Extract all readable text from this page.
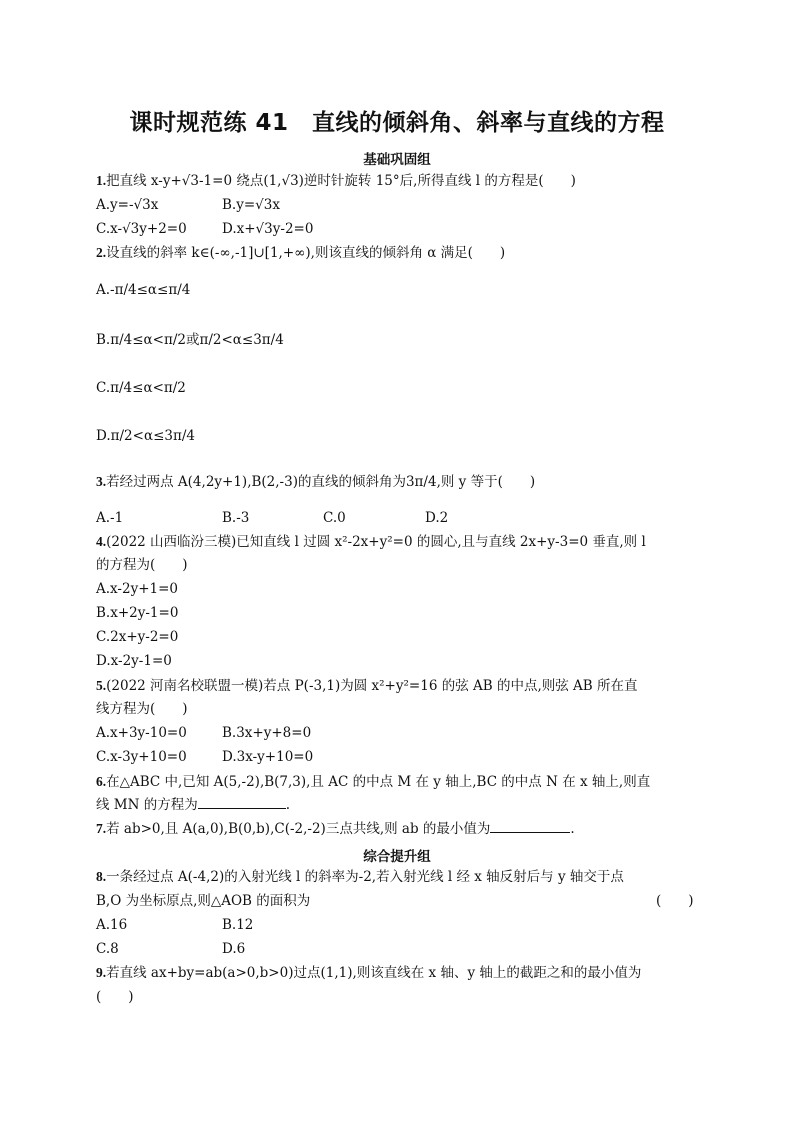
课时规范练 41　直线的倾斜角、斜率与直线的方程
基础巩固组
1.把直线 x-y+√3-1=0 绕点(1,√3)逆时针旋转 15°后,所得直线 l 的方程是(　　)
A.y=-√3x	B.y=√3x
C.x-√3y+2=0	D.x+√3y-2=0
2.设直线的斜率 k∈(-∞,-1]∪[1,+∞),则该直线的倾斜角 α 满足(　　)
A.-π/4≤α≤π/4
B.π/4≤α<π/2或π/2<α≤3π/4
C.π/4≤α<π/2
D.π/2<α≤3π/4
3.若经过两点 A(4,2y+1),B(2,-3)的直线的倾斜角为3π/4,则 y 等于(　　)
A.-1	B.-3	C.0	D.2
4.(2022 山西临汾三模)已知直线 l 过圆 x²-2x+y²=0 的圆心,且与直线 2x+y-3=0 垂直,则 l
的方程为(　　)
A.x-2y+1=0
B.x+2y-1=0
C.2x+y-2=0
D.x-2y-1=0
5.(2022 河南名校联盟一模)若点 P(-3,1)为圆 x²+y²=16 的弦 AB 的中点,则弦 AB 所在直
线方程为(　　)
A.x+3y-10=0	B.3x+y+8=0
C.x-3y+10=0	D.3x-y+10=0
6.在△ABC 中,已知 A(5,-2),B(7,3),且 AC 的中点 M 在 y 轴上,BC 的中点 N 在 x 轴上,则直
线 MN 的方程为	.
7.若 ab>0,且 A(a,0),B(0,b),C(-2,-2)三点共线,则 ab 的最小值为	.
综合提升组
8.一条经过点 A(-4,2)的入射光线 l 的斜率为-2,若入射光线 l 经 x 轴反射后与 y 轴交于点
B,O 为坐标原点,则△AOB 的面积为	(　　)
A.16	B.12
C.8	D.6
9.若直线 ax+by=ab(a>0,b>0)过点(1,1),则该直线在 x 轴、y 轴上的截距之和的最小值为
(　　)
